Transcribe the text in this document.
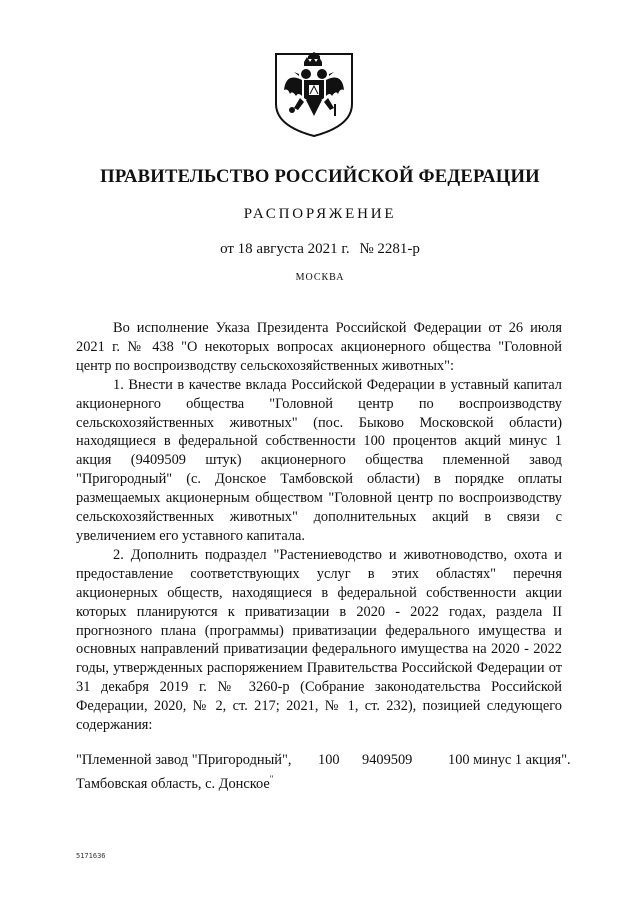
ПРАВИТЕЛЬСТВО РОССИЙСКОЙ ФЕДЕРАЦИИ
РАСПОРЯЖЕНИЕ

от 18 августа 2021 г. № 2281-р

МОСКВА

Во исполнение Указа Президента Российской Федерации от 26 июля 2021 г. № 438 "О некоторых вопросах акционерного общества "Головной центр по воспроизводству сельскохозяйственных животных":

1. Внести в качестве вклада Российской Федерации в уставный капитал акционерного общества "Головной центр по воспроизводству сельскохозяйственных животных" (пос. Быково Московской области) находящиеся в федеральной собственности 100 процентов акций минус 1 акция (9409509 штук) акционерного общества племенной завод "Пригородный" (с. Донское Тамбовской области) в порядке оплаты размещаемых акционерным обществом "Головной центр по воспроизводству сельскохозяйственных животных" дополнительных акций в связи с увеличением его уставного капитала.

2. Дополнить подраздел "Растениеводство и животноводство, охота и предоставление соответствующих услуг в этих областях" перечня акционерных обществ, находящиеся в федеральной собственности акции которых планируются к приватизации в 2020 - 2022 годах, раздела II прогнозного плана (программы) приватизации федерального имущества и основных направлений приватизации федерального имущества на 2020 - 2022 годы, утвержденных распоряжением Правительства Российской Федерации от 31 декабря 2019 г. № 3260-р (Собрание законодательства Российской Федерации, 2020, № 2, ст. 217; 2021, № 1, ст. 232), позицией следующего содержания:

"Племенной завод "Пригородный",	100	9409509	100 минус 1 акция".
Тамбовская область, с. Донское"
5171636
